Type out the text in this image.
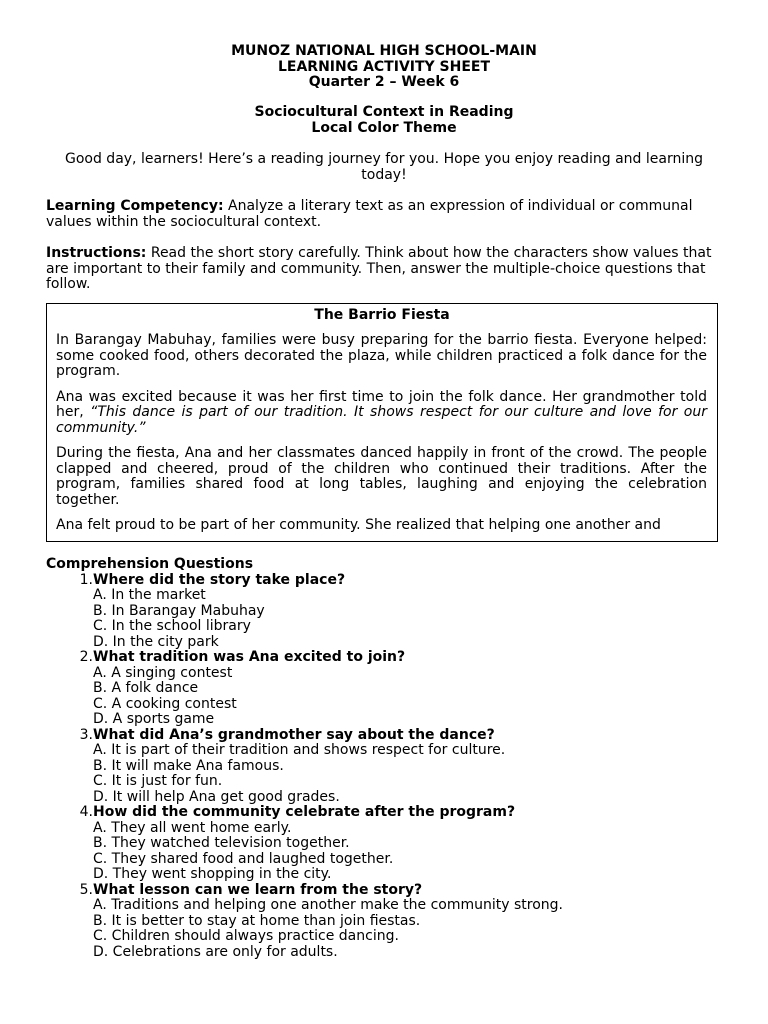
MUNOZ NATIONAL HIGH SCHOOL-MAIN
LEARNING ACTIVITY SHEET
Quarter 2 – Week 6
Sociocultural Context in Reading
Local Color Theme
Good day, learners! Here’s a reading journey for you. Hope you enjoy reading and learning today!
Learning Competency: Analyze a literary text as an expression of individual or communal values within the sociocultural context.
Instructions: Read the short story carefully. Think about how the characters show values that are important to their family and community. Then, answer the multiple-choice questions that follow.
The Barrio Fiesta

In Barangay Mabuhay, families were busy preparing for the barrio fiesta. Everyone helped: some cooked food, others decorated the plaza, while children practiced a folk dance for the program.

Ana was excited because it was her first time to join the folk dance. Her grandmother told her, “This dance is part of our tradition. It shows respect for our culture and love for our community.”

During the fiesta, Ana and her classmates danced happily in front of the crowd. The people clapped and cheered, proud of the children who continued their traditions. After the program, families shared food at long tables, laughing and enjoying the celebration together.

Ana felt proud to be part of her community. She realized that helping one another and

Comprehension Questions
1. Where did the story take place?
A. In the market
B. In Barangay Mabuhay
C. In the school library
D. In the city park
2. What tradition was Ana excited to join?
A. A singing contest
B. A folk dance
C. A cooking contest
D. A sports game
3. What did Ana’s grandmother say about the dance?
A. It is part of their tradition and shows respect for culture.
B. It will make Ana famous.
C. It is just for fun.
D. It will help Ana get good grades.
4. How did the community celebrate after the program?
A. They all went home early.
B. They watched television together.
C. They shared food and laughed together.
D. They went shopping in the city.
5. What lesson can we learn from the story?
A. Traditions and helping one another make the community strong.
B. It is better to stay at home than join fiestas.
C. Children should always practice dancing.
D. Celebrations are only for adults.
